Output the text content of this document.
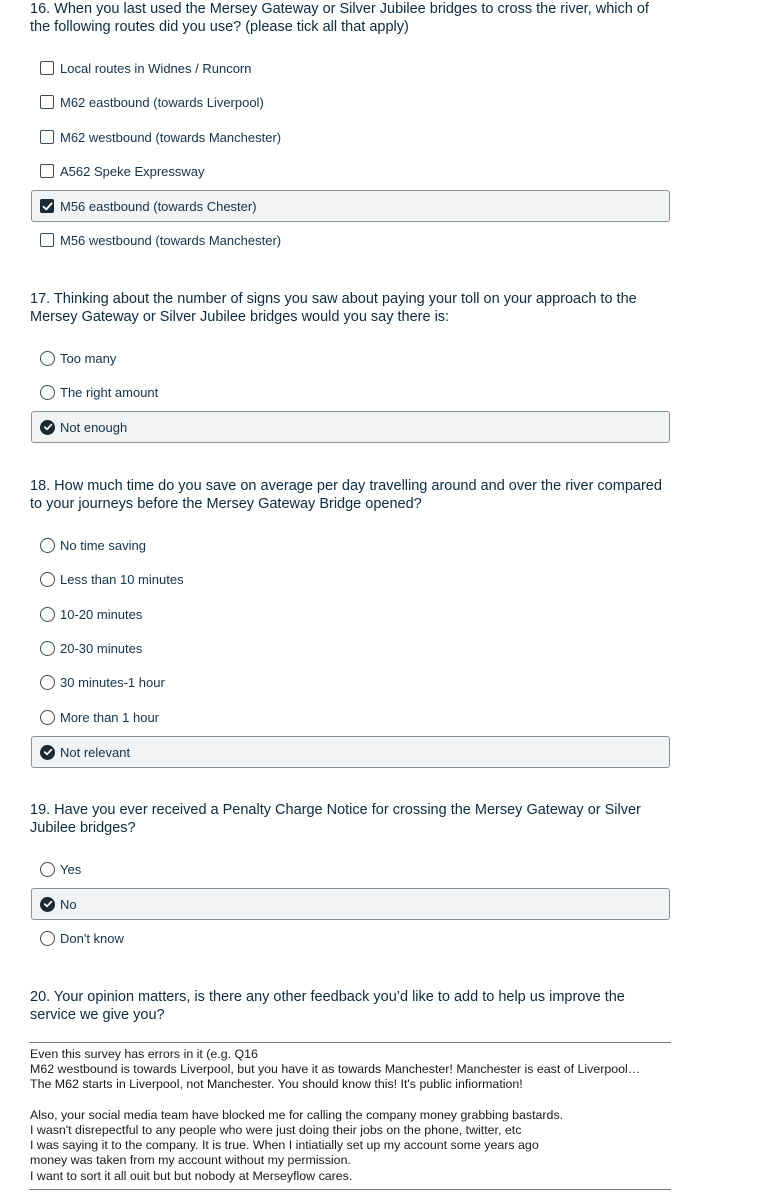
16. When you last used the Mersey Gateway or Silver Jubilee bridges to cross the river, which of the following routes did you use? (please tick all that apply)

Local routes in Widnes / Runcorn
M62 eastbound (towards Liverpool)
M62 westbound (towards Manchester)
A562 Speke Expressway
M56 eastbound (towards Chester)
M56 westbound (towards Manchester)

17. Thinking about the number of signs you saw about paying your toll on your approach to the Mersey Gateway or Silver Jubilee bridges would you say there is:

Too many
The right amount
Not enough

18. How much time do you save on average per day travelling around and over the river compared to your journeys before the Mersey Gateway Bridge opened?

No time saving
Less than 10 minutes
10-20 minutes
20-30 minutes
30 minutes-1 hour
More than 1 hour
Not relevant

19. Have you ever received a Penalty Charge Notice for crossing the Mersey Gateway or Silver Jubilee bridges?

Yes
No
Don't know

20. Your opinion matters, is there any other feedback you’d like to add to help us improve the service we give you?

Even this survey has errors in it (e.g. Q16
M62 westbound is towards Liverpool, but you have it as towards Manchester! Manchester is east of Liverpool…
The M62 starts in Liverpool, not Manchester. You should know this! It's public infiormation!
Also, your social media team have blocked me for calling the company money grabbing bastards.
I wasn't disrepectful to any people who were just doing their jobs on the phone, twitter, etc
I was saying it to the company. It is true. When I intiatially set up my account some years ago
money was taken from my account without my permission.
I want to sort it all ouit but but nobody at Merseyflow cares.
